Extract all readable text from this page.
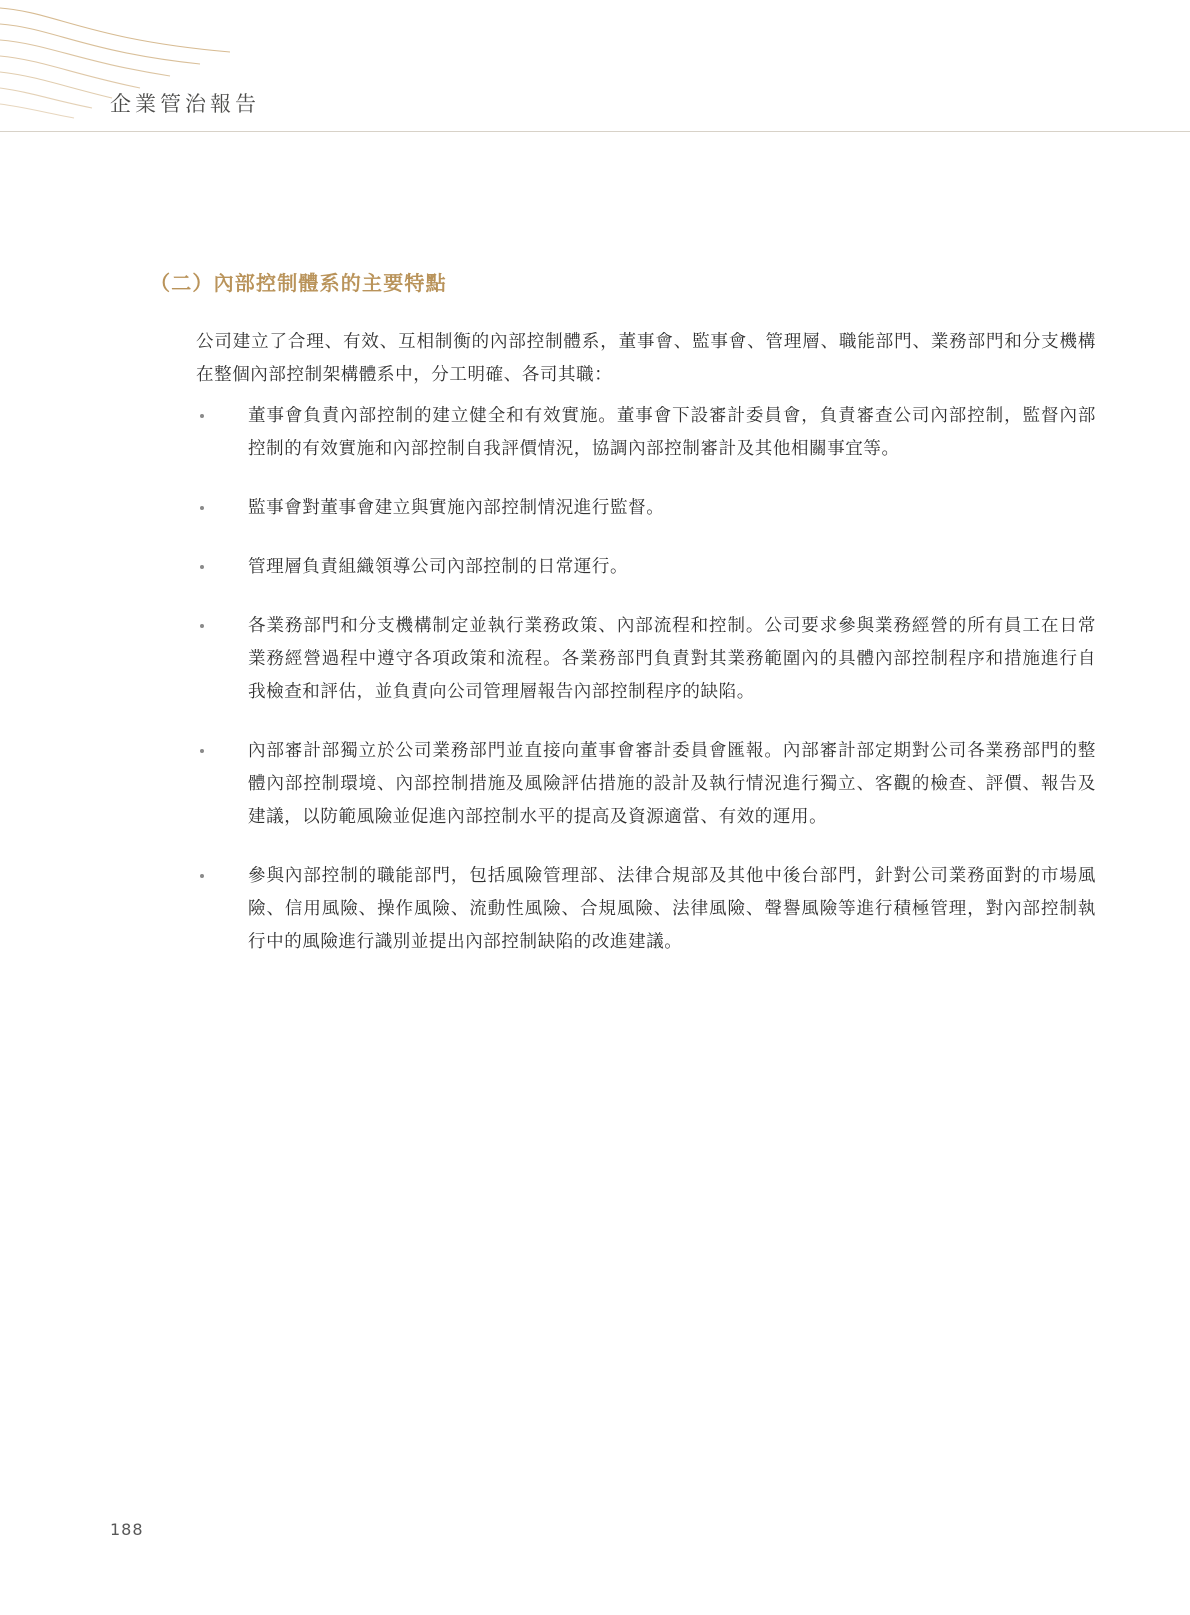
企業管治報告
（二）內部控制體系的主要特點

公司建立了合理、有效、互相制衡的內部控制體系，董事會、監事會、管理層、職能部門、業務部門和分支機構在整個內部控制架構體系中，分工明確、各司其職：

董事會負責內部控制的建立健全和有效實施。董事會下設審計委員會，負責審查公司內部控制，監督內部控制的有效實施和內部控制自我評價情況，協調內部控制審計及其他相關事宜等。
監事會對董事會建立與實施內部控制情況進行監督。
管理層負責組織領導公司內部控制的日常運行。
各業務部門和分支機構制定並執行業務政策、內部流程和控制。公司要求參與業務經營的所有員工在日常業務經營過程中遵守各項政策和流程。各業務部門負責對其業務範圍內的具體內部控制程序和措施進行自我檢查和評估，並負責向公司管理層報告內部控制程序的缺陷。
內部審計部獨立於公司業務部門並直接向董事會審計委員會匯報。內部審計部定期對公司各業務部門的整體內部控制環境、內部控制措施及風險評估措施的設計及執行情況進行獨立、客觀的檢查、評價、報告及建議，以防範風險並促進內部控制水平的提高及資源適當、有效的運用。
參與內部控制的職能部門，包括風險管理部、法律合規部及其他中後台部門，針對公司業務面對的市場風險、信用風險、操作風險、流動性風險、合規風險、法律風險、聲譽風險等進行積極管理，對內部控制執行中的風險進行識別並提出內部控制缺陷的改進建議。
188
